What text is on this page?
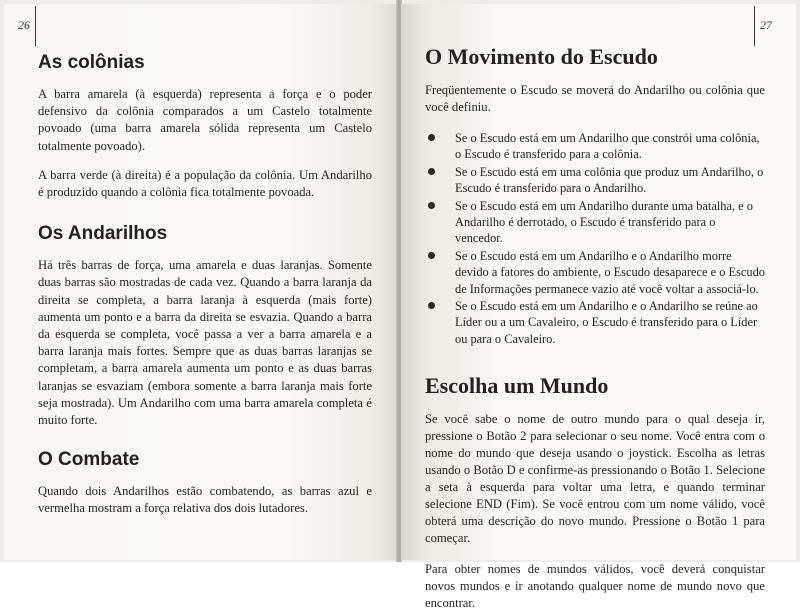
26
As colônias

A barra amarela (à esquerda) representa a força e o poder defensivo da colônia comparados a um Castelo totalmente povoado (uma barra amarela sólida representa um Castelo totalmente povoado).

A barra verde (à direita) é a população da colônia. Um Andarilho é produzido quando a colônia fica totalmente povoada.

Os Andarilhos

Há três barras de força, uma amarela e duas laranjas. Somente duas barras são mostradas de cada vez. Quando a barra laranja da direita se completa, a barra laranja à esquerda (mais forte) aumenta um ponto e a barra da direita se esvazia. Quando a barra da esquerda se completa, você passa a ver a barra amarela e a barra laranja mais fortes. Sempre que as duas barras laranjas se completam, a barra amarela aumenta um ponto e as duas barras laranjas se esvaziam (embora somente a barra laranja mais forte seja mostrada). Um Andarilho com uma barra amarela completa é muito forte.

O Combate

Quando dois Andarilhos estão combatendo, as barras azul e vermelha mostram a força relativa dos dois lutadores.

27
O Movimento do Escudo

Freqüentemente o Escudo se moverá do Andarilho ou colônia que você definiu.

Se o Escudo está em um Andarilho que constrói uma colônia, o Escudo é transferido para a colônia.
Se o Escudo está em uma colônia que produz um Andarilho, o Escudo é transferido para o Andarilho.
Se o Escudo está em um Andarilho durante uma batalha, e o Andarilho é derrotado, o Escudo é transferido para o vencedor.
Se o Escudo está em um Andarilho e o Andarilho morre devido a fatores do ambiente, o Escudo desaparece e o Escudo de Informações permanece vazio até você voltar a associá-lo.
Se o Escudo está em um Andarilho e o Andarilho se reúne ao Líder ou a um Cavaleiro, o Escudo é transferido para o Líder ou para o Cavaleiro.
Escolha um Mundo

Se você sabe o nome de outro mundo para o qual deseja ir, pressione o Botão 2 para selecionar o seu nome. Você entra com o nome do mundo que deseja usando o joystick. Escolha as letras usando o Botão D e confirme-as pressionando o Botão 1. Selecione a seta à esquerda para voltar uma letra, e quando terminar selecione END (Fim). Se você entrou com um nome válido, você obterá uma descrição do novo mundo. Pressione o Botão 1 para começar.

Para obter nomes de mundos válidos, você deverá conquistar novos mundos e ir anotando qualquer nome de mundo novo que encontrar.
